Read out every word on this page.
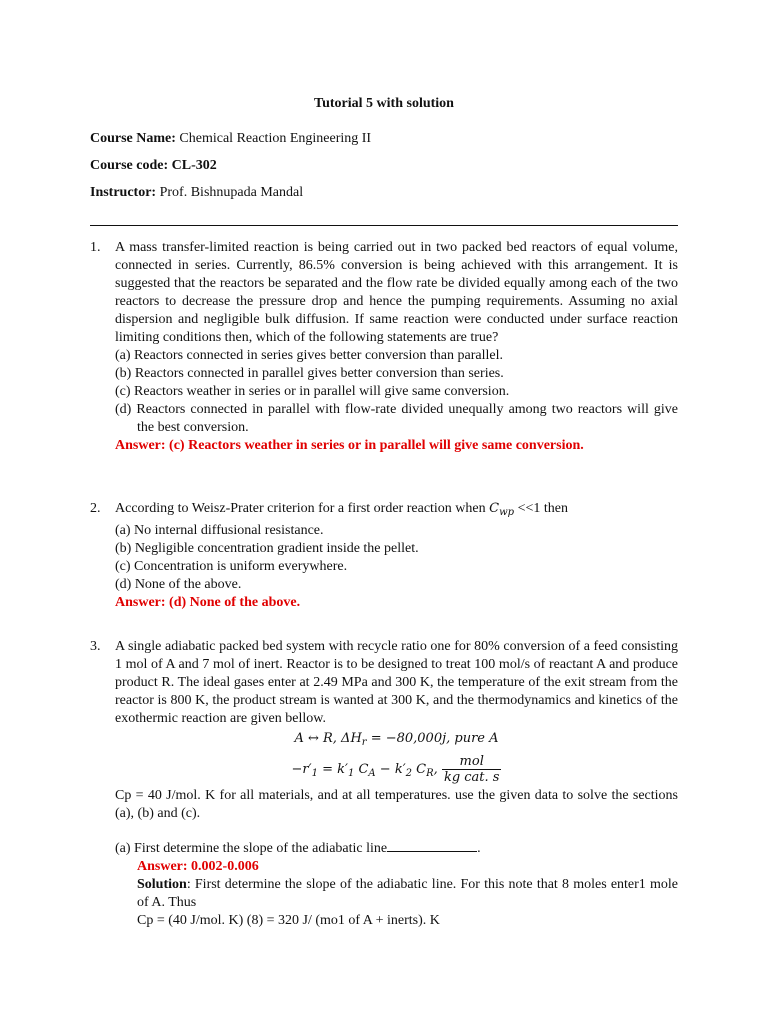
Tutorial 5 with solution
Course Name: Chemical Reaction Engineering II
Course code: CL-302
Instructor: Prof. Bishnupada Mandal
1. A mass transfer-limited reaction is being carried out in two packed bed reactors of equal volume, connected in series. Currently, 86.5% conversion is being achieved with this arrangement. It is suggested that the reactors be separated and the flow rate be divided equally among each of the two reactors to decrease the pressure drop and hence the pumping requirements. Assuming no axial dispersion and negligible bulk diffusion. If same reaction were conducted under surface reaction limiting conditions then, which of the following statements are true?
(a) Reactors connected in series gives better conversion than parallel.
(b) Reactors connected in parallel gives better conversion than series.
(c) Reactors weather in series or in parallel will give same conversion.
(d) Reactors connected in parallel with flow-rate divided unequally among two reactors will give the best conversion.
Answer: (c) Reactors weather in series or in parallel will give same conversion.
2. According to Weisz-Prater criterion for a first order reaction when $C_{wp} <<1$ then
(a) No internal diffusional resistance.
(b) Negligible concentration gradient inside the pellet.
(c) Concentration is uniform everywhere.
(d) None of the above.
Answer: (d) None of the above.
3. A single adiabatic packed bed system with recycle ratio one for 80% conversion of a feed consisting 1 mol of A and 7 mol of inert. Reactor is to be designed to treat 100 mol/s of reactant A and produce product R. The ideal gases enter at 2.49 MPa and 300 K, the temperature of the exit stream from the reactor is 800 K, the product stream is wanted at 300 K, and the thermodynamics and kinetics of the exothermic reaction are given bellow.
A ↔ R, $\Delta H_r = -80,000j$, pure A
$-r'_1 = k'_1$ $C_A - k'_2$ $C_R$, $\frac{\text{mol}}{\text{kg cat. s}}$
Cp = 40 J/mol. K for all materials, and at all temperatures. use the given data to solve the sections (a), (b) and (c).
(a) First determine the slope of the adiabatic line	.
Answer: 0.002-0.006
Solution: First determine the slope of the adiabatic line. For this note that 8 moles enter1 mole of A. Thus
Cp = (40 J/mol. K) (8) = 320 J/ (mo1 of A + inerts). K
